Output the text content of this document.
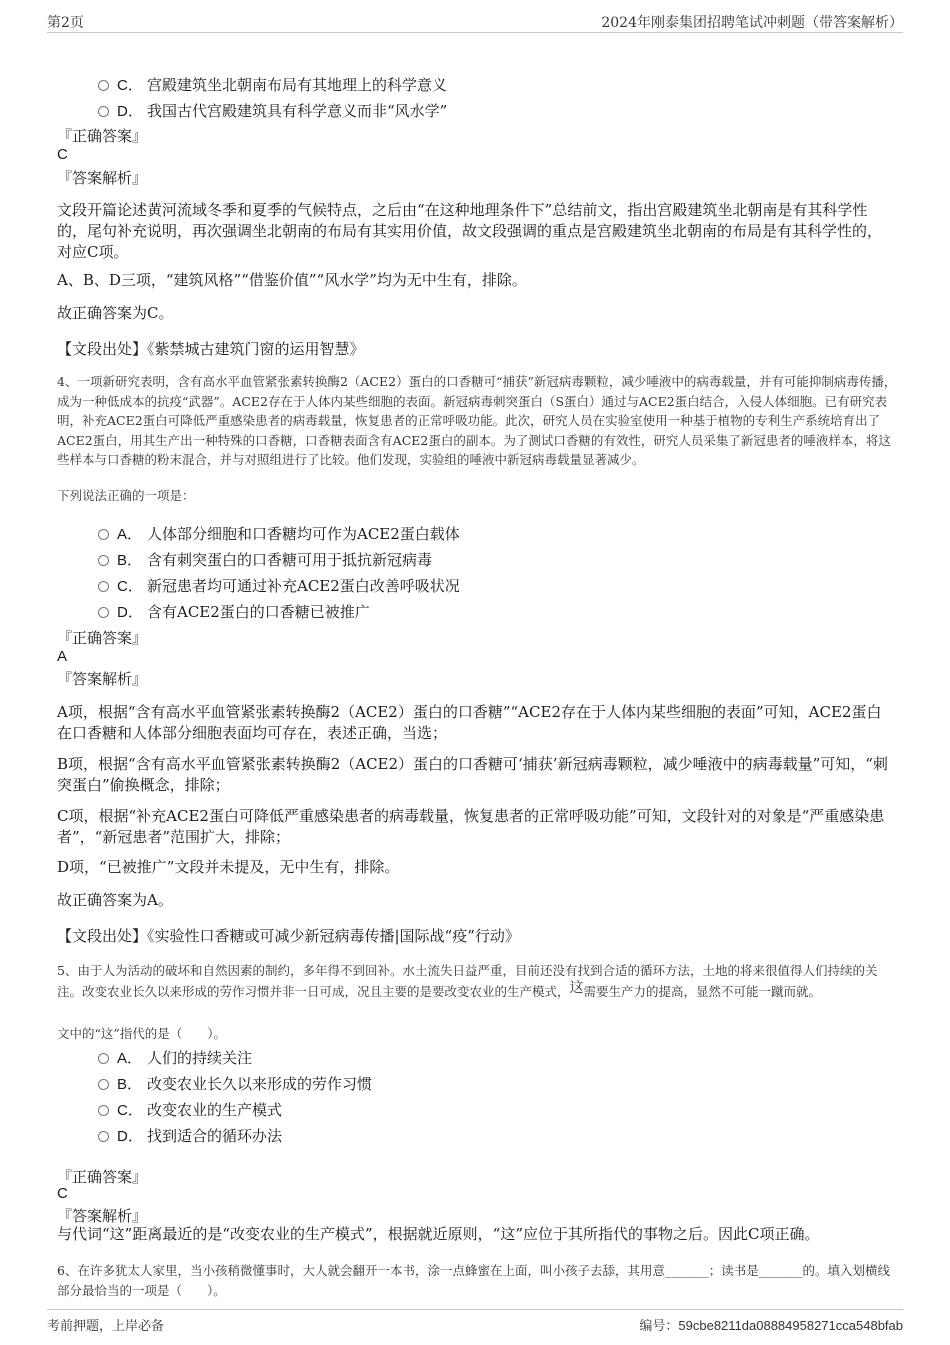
第2页	2024年刚泰集团招聘笔试冲刺题（带答案解析）
C． 宫殿建筑坐北朝南布局有其地理上的科学意义
D． 我国古代宫殿建筑具有科学意义而非“风水学”
『正确答案』
C
『答案解析』
文段开篇论述黄河流域冬季和夏季的气候特点，之后由“在这种地理条件下”总结前文，指出宫殿建筑坐北朝南是有其科学性的，尾句补充说明，再次强调坐北朝南的布局有其实用价值，故文段强调的重点是宫殿建筑坐北朝南的布局是有其科学性的，对应C项。
A、B、D三项，“建筑风格”“借鉴价值”“风水学”均为无中生有，排除。
故正确答案为C。
【文段出处】《紫禁城古建筑门窗的运用智慧》
4、一项新研究表明，含有高水平血管紧张素转换酶2（ACE2）蛋白的口香糖可“捕获”新冠病毒颗粒，减少唾液中的病毒载量，并有可能抑制病毒传播，成为一种低成本的抗疫“武器”。ACE2存在于人体内某些细胞的表面。新冠病毒刺突蛋白（S蛋白）通过与ACE2蛋白结合，入侵人体细胞。已有研究表明，补充ACE2蛋白可降低严重感染患者的病毒载量，恢复患者的正常呼吸功能。此次，研究人员在实验室使用一种基于植物的专利生产系统培育出了ACE2蛋白，用其生产出一种特殊的口香糖，口香糖表面含有ACE2蛋白的副本。为了测试口香糖的有效性，研究人员采集了新冠患者的唾液样本，将这些样本与口香糖的粉末混合，并与对照组进行了比较。他们发现，实验组的唾液中新冠病毒载量显著减少。
下列说法正确的一项是：
A． 人体部分细胞和口香糖均可作为ACE2蛋白载体
B． 含有刺突蛋白的口香糖可用于抵抗新冠病毒
C． 新冠患者均可通过补充ACE2蛋白改善呼吸状况
D． 含有ACE2蛋白的口香糖已被推广
『正确答案』
A
『答案解析』
A项，根据“含有高水平血管紧张素转换酶2（ACE2）蛋白的口香糖”“ACE2存在于人体内某些细胞的表面”可知，ACE2蛋白在口香糖和人体部分细胞表面均可存在，表述正确，当选；
B项，根据“含有高水平血管紧张素转换酶2（ACE2）蛋白的口香糖可‘捕获’新冠病毒颗粒，减少唾液中的病毒载量”可知，“刺突蛋白”偷换概念，排除；
C项，根据“补充ACE2蛋白可降低严重感染患者的病毒载量，恢复患者的正常呼吸功能”可知，文段针对的对象是“严重感染患者”，“新冠患者”范围扩大，排除；
D项，“已被推广”文段并未提及，无中生有，排除。
故正确答案为A。
【文段出处】《实验性口香糖或可减少新冠病毒传播|国际战“疫”行动》
5、由于人为活动的破坏和自然因素的制约，多年得不到回补。水土流失日益严重，目前还没有找到合适的循环方法，土地的将来很值得人们持续的关注。改变农业长久以来形成的劳作习惯并非一日可成，况且主要的是要改变农业的生产模式，这需要生产力的提高，显然不可能一蹴而就。
文中的“这”指代的是（　　）。
A． 人们的持续关注
B． 改变农业长久以来形成的劳作习惯
C． 改变农业的生产模式
D． 找到适合的循环办法
『正确答案』
C
『答案解析』
与代词“这”距离最近的是“改变农业的生产模式”，根据就近原则，“这”应位于其所指代的事物之后。因此C项正确。
6、在许多犹太人家里，当小孩稍微懂事时，大人就会翻开一本书，涂一点蜂蜜在上面，叫小孩子去舔，其用意_______；读书是_______的。填入划横线部分最恰当的一项是（　　）。
考前押题，上岸必备	编号：59cbe8211da08884958271cca548bfab
